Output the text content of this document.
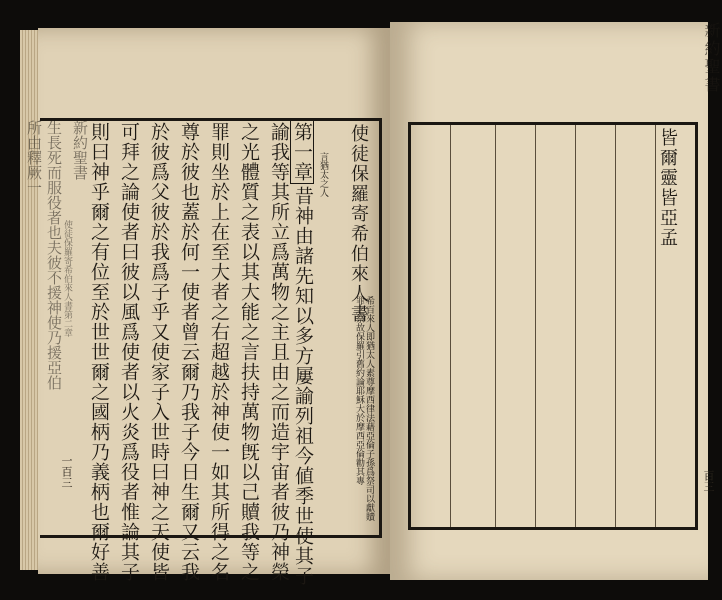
新約聖書
使徒保羅寄希伯來人書第二章
生長死而服役者也夫彼不援神使乃援亞伯
所由釋厥一	使徒保羅寄希伯來人書
希百來人即猶太人素尊摩西律法藉亞倫子孫爲祭司以獻贖罪之祭故保羅引舊約論耶穌大於摩西亞倫勸其專
第一章 言猶太之人
昔神由諸先知以多方屢諭列祖今値季世使其子
諭我等其所立爲萬物之主且由之而造宇宙者彼乃神榮
之光體質之表以其大能之言扶持萬物旣以己贖我等之
罪則坐於上在至大者之右超越於神使一如其所得之名
尊於彼也蓋於何一使者曾云爾乃我子今日生爾又云我
於彼爲父彼於我爲子乎又使家子入世時曰神之天使皆
可拜之論使者曰彼以風爲使者以火炎爲役者惟論其子
則曰神乎爾之有位至於世世爾之國柄乃義柄也爾好善	皆爾靈皆亞孟
新約聖書
一百三	百三
